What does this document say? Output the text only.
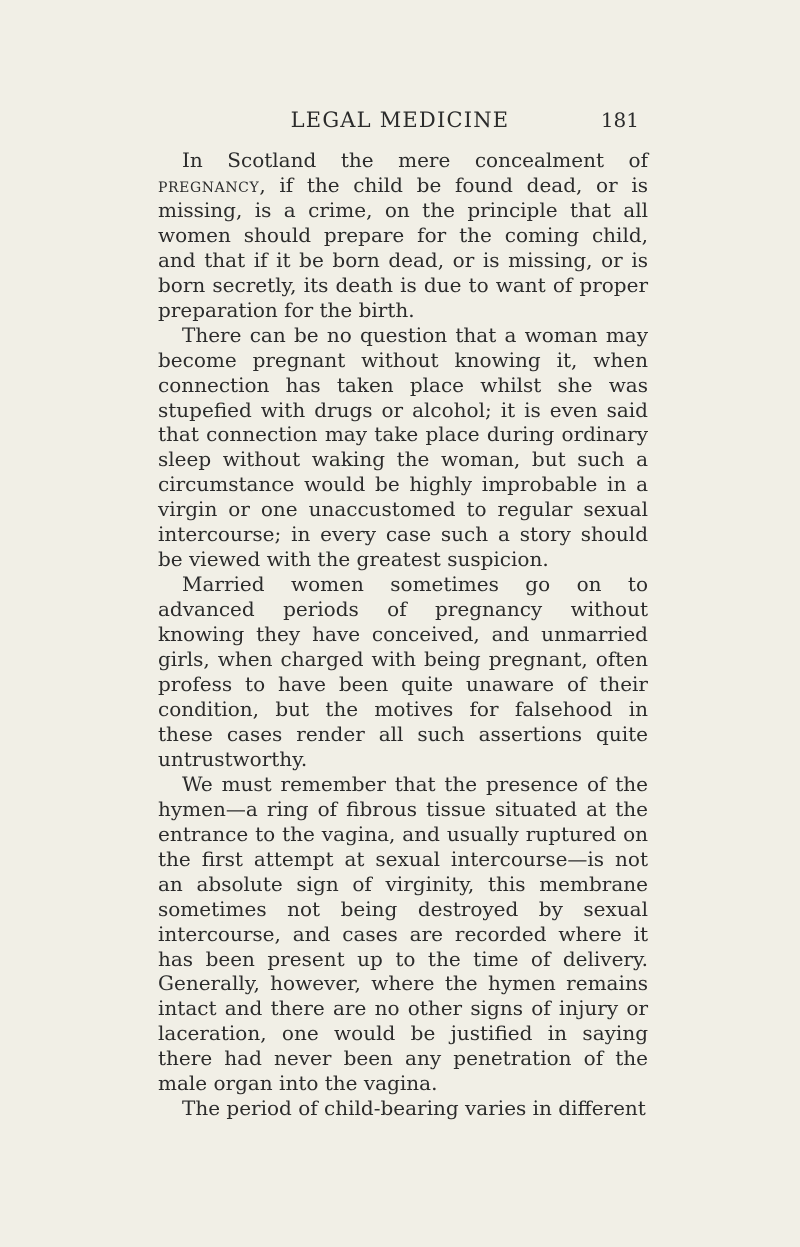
LEGAL MEDICINE	181

In Scotland the mere concealment of pregnancy, if the child be found dead, or is missing, is a crime, on the principle that all women should prepare for the coming child, and that if it be born dead, or is missing, or is born secretly, its death is due to want of proper preparation for the birth.

There can be no question that a woman may become pregnant without knowing it, when connection has taken place whilst she was stupefied with drugs or alcohol; it is even said that connection may take place during ordinary sleep without waking the woman, but such a circumstance would be highly improbable in a virgin or one unaccustomed to regular sexual intercourse; in every case such a story should be viewed with the greatest suspicion.

Married women sometimes go on to advanced periods of pregnancy without knowing they have conceived, and unmarried girls, when charged with being pregnant, often profess to have been quite unaware of their condition, but the motives for falsehood in these cases render all such assertions quite untrustworthy.

We must remember that the presence of the hymen—a ring of fibrous tissue situated at the entrance to the vagina, and usually ruptured on the first attempt at sexual intercourse—is not an absolute sign of virginity, this membrane sometimes not being destroyed by sexual intercourse, and cases are recorded where it has been present up to the time of delivery. Generally, however, where the hymen remains intact and there are no other signs of injury or laceration, one would be justified in saying there had never been any penetration of the male organ into the vagina.

The period of child-bearing varies in different
